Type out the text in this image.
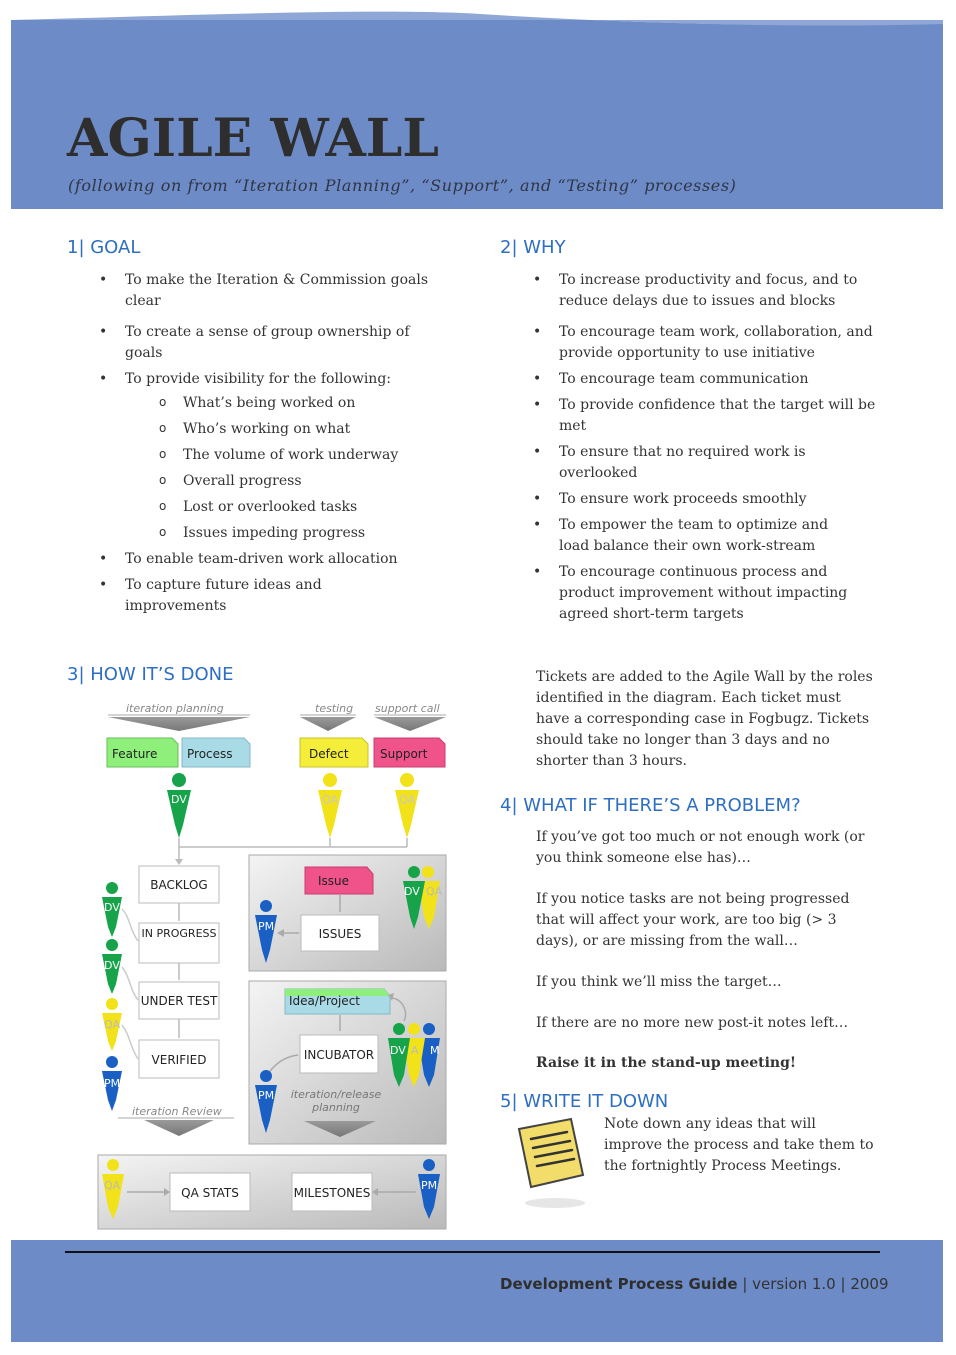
AGILE WALL
(following on from “Iteration Planning”, “Support”, and “Testing” processes)
1| GOAL
• To make the Iteration & Commission goals clear
• To create a sense of group ownership of goals
• To provide visibility for the following:
o What’s being worked on
o Who’s working on what
o The volume of work underway
o Overall progress
o Lost or overlooked tasks
o Issues impeding progress
• To enable team-driven work allocation
• To capture future ideas and improvements
2| WHY
• To increase productivity and focus, and to reduce delays due to issues and blocks
• To encourage team work, collaboration, and provide opportunity to use initiative
• To encourage team communication
• To provide confidence that the target will be met
• To ensure that no required work is overlooked
• To ensure work proceeds smoothly
• To empower the team to optimize and load balance their own work-stream
• To encourage continuous process and product improvement without impacting agreed short-term targets
3| HOW IT’S DONE	Tickets are added to the Agile Wall by the roles identified in the diagram. Each ticket must have a corresponding case in Fogbugz. Tickets should take no longer than 3 days and no shorter than 3 hours.
iteration planning	testing support call
Feature Process	Defect	Support
DV	QA	QA
BACKLOG
IN PROGRESS
UNDER TEST
VERIFIED
DV
DV
QA
PM
iteration Review
Issue
ISSUES
PM
DV QA
Idea/Project
INCUBATOR DV A M
PM	iteration/release planning
QA STATS	MILESTONES
QA	PM
4| WHAT IF THERE’S A PROBLEM?

If you’ve got too much or not enough work (or you think someone else has)…

If you notice tasks are not being progressed that will affect your work, are too big (> 3 days), or are missing from the wall…

If you think we’ll miss the target…

If there are no more new post-it notes left…

Raise it in the stand-up meeting!

5| WRITE IT DOWN
Note down any ideas that will improve the process and take them to the fortnightly Process Meetings.
Development Process Guide | version 1.0 | 2009
